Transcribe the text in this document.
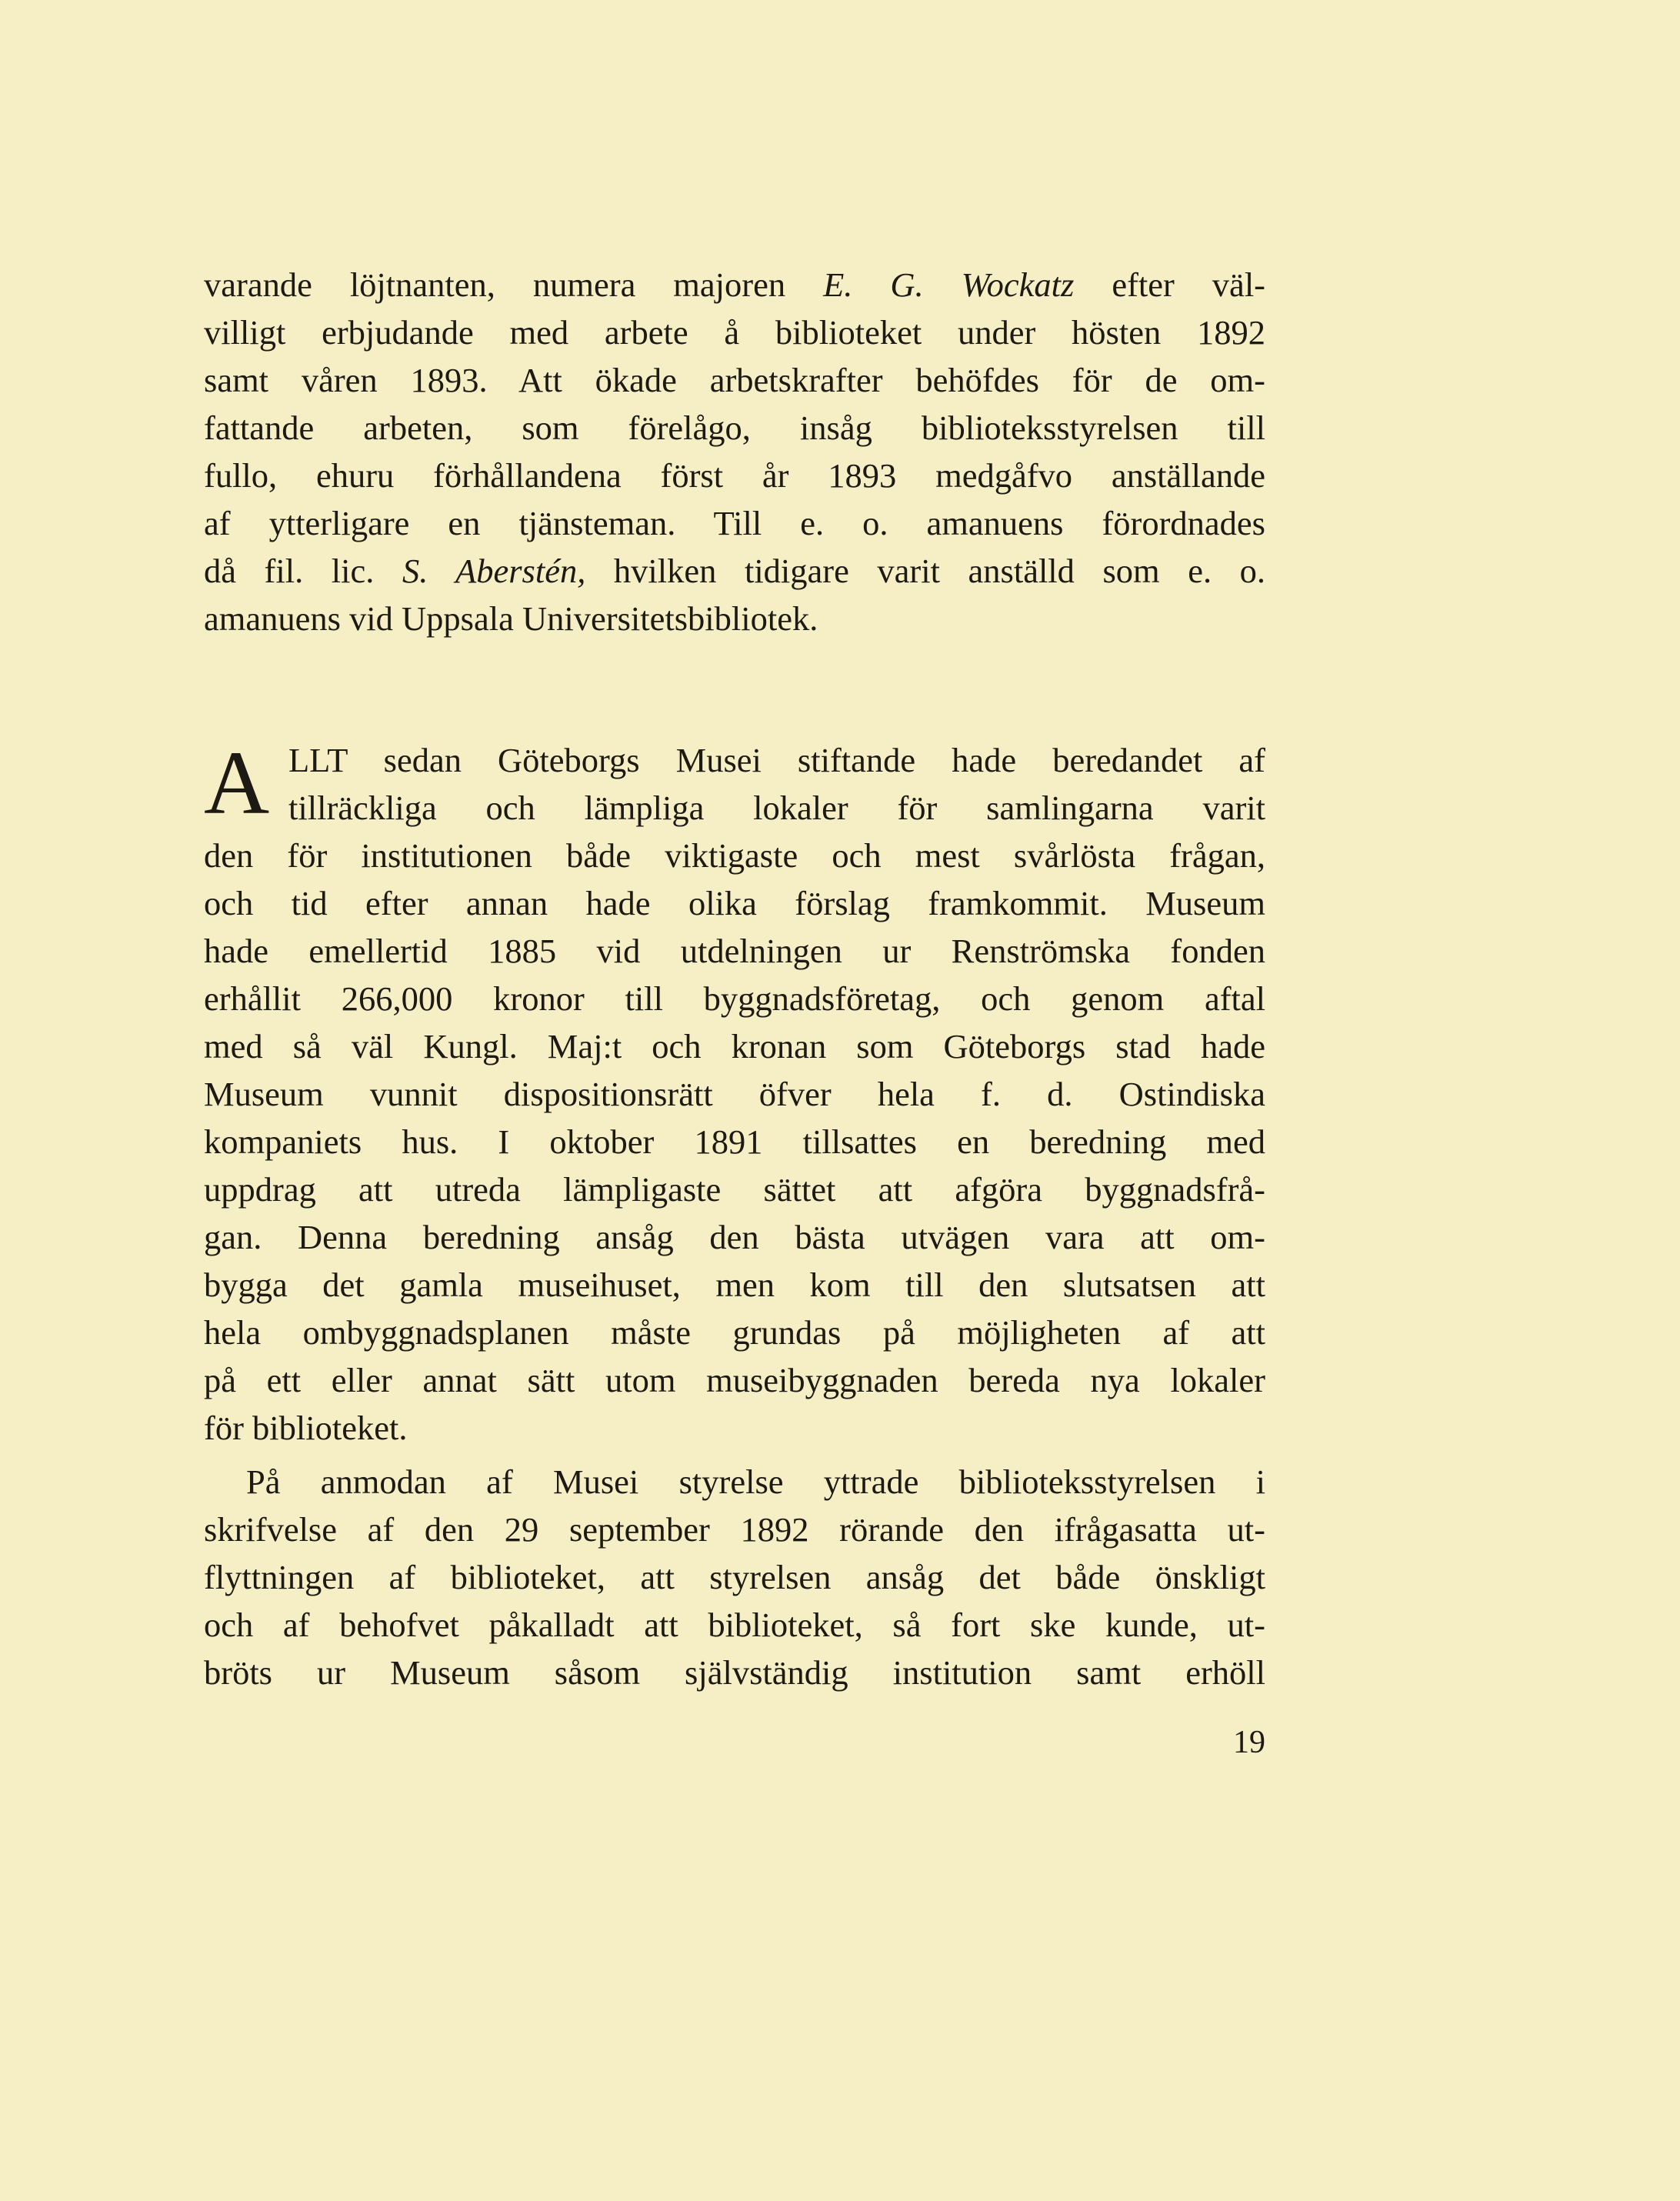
varande löjtnanten, numera majoren E. G. Wockatz efter väl-
villigt erbjudande med arbete å biblioteket under hösten 1892
samt våren 1893. Att ökade arbetskrafter behöfdes för de om-
fattande arbeten, som förelågo, insåg biblioteksstyrelsen till
fullo, ehuru förhållandena först år 1893 medgåfvo anställande
af ytterligare en tjänsteman. Till e. o. amanuens förordnades
då fil. lic. S. Aberstén, hvilken tidigare varit anställd som e. o.
amanuens vid Uppsala Universitetsbibliotek.
A LLT sedan Göteborgs Musei stiftande hade beredandet af
tillräckliga och lämpliga lokaler för samlingarna varit
den för institutionen både viktigaste och mest svårlösta frågan,
och tid efter annan hade olika förslag framkommit. Museum
hade emellertid 1885 vid utdelningen ur Renströmska fonden
erhållit 266,000 kronor till byggnadsföretag, och genom aftal
med så väl Kungl. Maj:t och kronan som Göteborgs stad hade
Museum vunnit dispositionsrätt öfver hela f. d. Ostindiska
kompaniets hus. I oktober 1891 tillsattes en beredning med
uppdrag att utreda lämpligaste sättet att afgöra byggnadsfrå-
gan. Denna beredning ansåg den bästa utvägen vara att om-
bygga det gamla museihuset, men kom till den slutsatsen att
hela ombyggnadsplanen måste grundas på möjligheten af att
på ett eller annat sätt utom museibyggnaden bereda nya lokaler
för biblioteket.
På anmodan af Musei styrelse yttrade biblioteksstyrelsen i
skrifvelse af den 29 september 1892 rörande den ifrågasatta ut-
flyttningen af biblioteket, att styrelsen ansåg det både önskligt
och af behofvet påkalladt att biblioteket, så fort ske kunde, ut-
bröts ur Museum såsom självständig institution samt erhöll
19
